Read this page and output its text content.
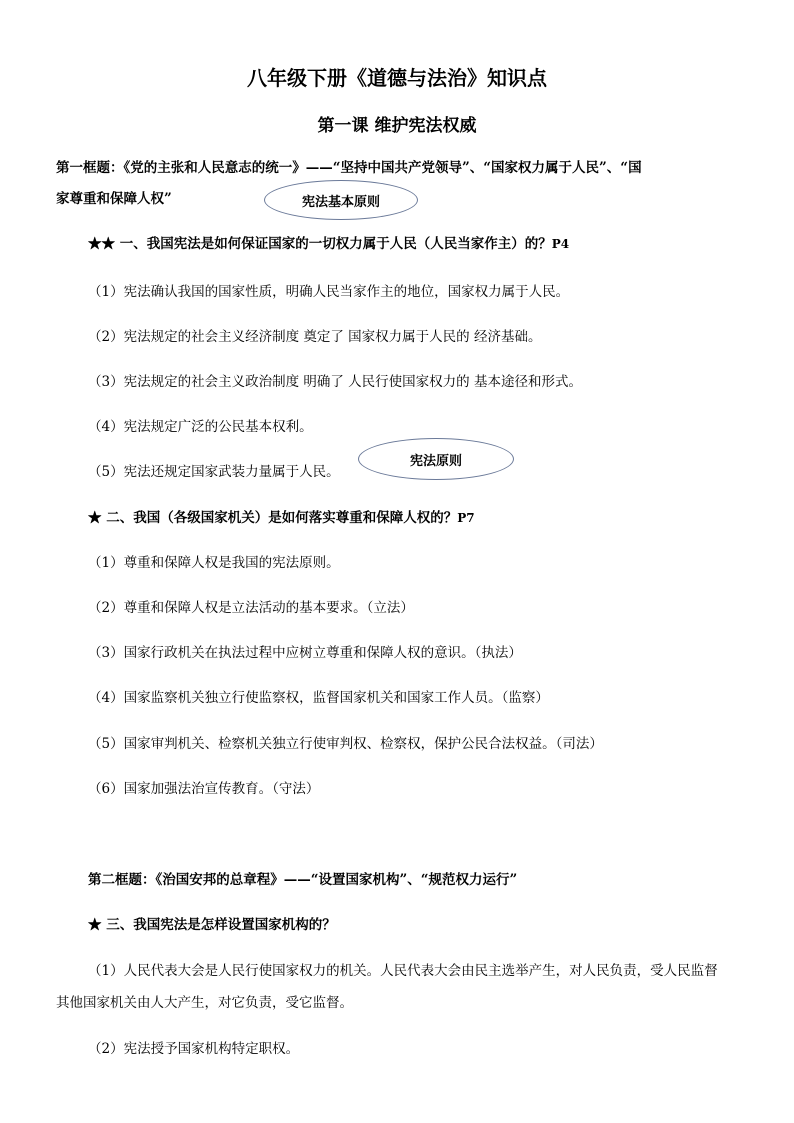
八年级下册《道德与法治》知识点
第一课 维护宪法权威
第一框题：《党的主张和人民意志的统一》——“坚持中国共产党领导”、“国家权力属于人民”、“国
家尊重和保障人权”	宪法基本原则
★★ 一、我国宪法是如何保证国家的一切权力属于人民（人民当家作主）的？P4
（1）宪法确认我国的国家性质，明确人民当家作主的地位，国家权力属于人民。
（2）宪法规定的社会主义经济制度 奠定了 国家权力属于人民的 经济基础。
（3）宪法规定的社会主义政治制度 明确了 人民行使国家权力的 基本途径和形式。
（4）宪法规定广泛的公民基本权利。
（5）宪法还规定国家武装力量属于人民。
宪法原则
★ 二、我国（各级国家机关）是如何落实尊重和保障人权的？P7
（1）尊重和保障人权是我国的宪法原则。
（2）尊重和保障人权是立法活动的基本要求。（立法）
（3）国家行政机关在执法过程中应树立尊重和保障人权的意识。（执法）
（4）国家监察机关独立行使监察权，监督国家机关和国家工作人员。（监察）
（5）国家审判机关、检察机关独立行使审判权、检察权，保护公民合法权益。（司法）
（6）国家加强法治宣传教育。（守法）
第二框题：《治国安邦的总章程》——“设置国家机构”、“规范权力运行”
★ 三、我国宪法是怎样设置国家机构的？
（1）人民代表大会是人民行使国家权力的机关。人民代表大会由民主选举产生，对人民负责，受人民监督
其他国家机关由人大产生，对它负责，受它监督。
（2）宪法授予国家机构特定职权。
